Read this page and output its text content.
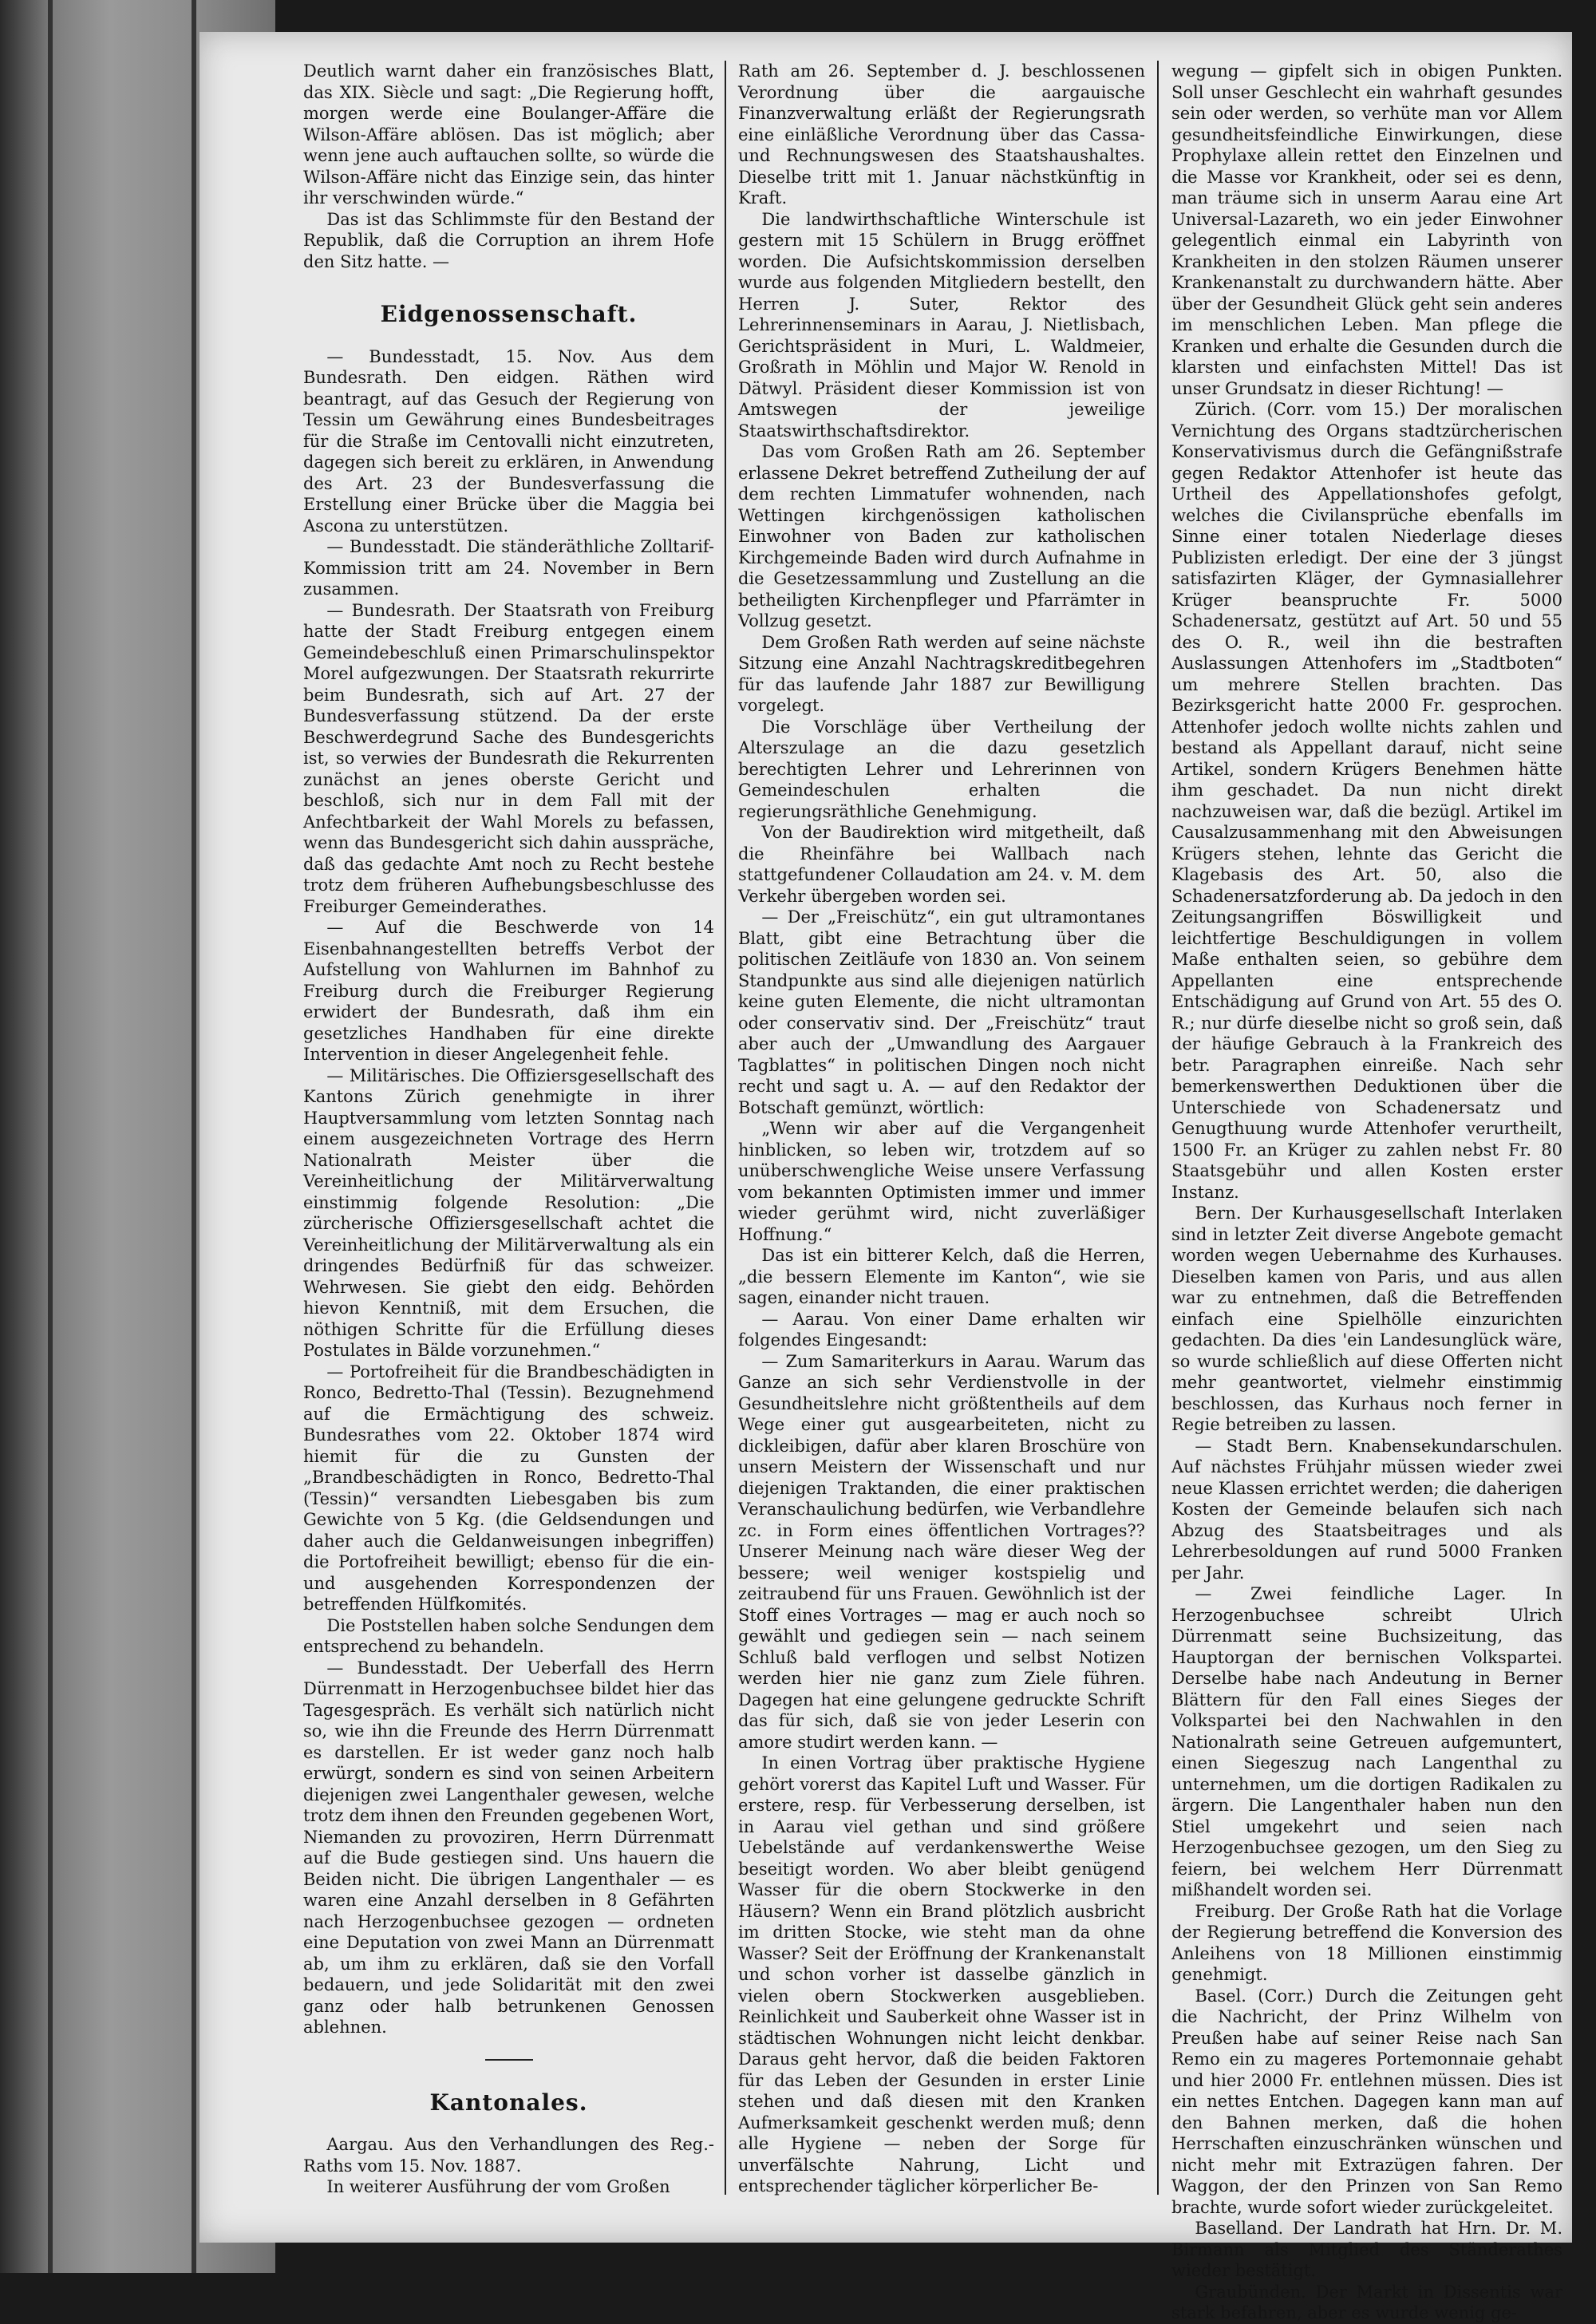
Deutlich warnt daher ein französisches Blatt, das XIX. Siècle und sagt: „Die Regierung hofft, morgen werde eine Boulanger-Affäre die Wilson-Affäre ablösen. Das ist möglich; aber wenn jene auch auftauchen sollte, so würde die Wilson-Affäre nicht das Einzige sein, das hinter ihr verschwinden würde.“

Das ist das Schlimmste für den Bestand der Republik, daß die Corruption an ihrem Hofe den Sitz hatte. —

Eidgenossenschaft.

— Bundesstadt, 15. Nov. Aus dem Bundesrath. Den eidgen. Räthen wird beantragt, auf das Gesuch der Regierung von Tessin um Gewährung eines Bundesbeitrages für die Straße im Centovalli nicht einzutreten, dagegen sich bereit zu erklären, in Anwendung des Art. 23 der Bundesverfassung die Erstellung einer Brücke über die Maggia bei Ascona zu unterstützen.

— Bundesstadt. Die ständeräthliche Zolltarif-Kommission tritt am 24. November in Bern zusammen.

— Bundesrath. Der Staatsrath von Freiburg hatte der Stadt Freiburg entgegen einem Gemeindebeschluß einen Primarschulinspektor Morel aufgezwungen. Der Staatsrath rekurrirte beim Bundesrath, sich auf Art. 27 der Bundesverfassung stützend. Da der erste Beschwerdegrund Sache des Bundesgerichts ist, so verwies der Bundesrath die Rekurrenten zunächst an jenes oberste Gericht und beschloß, sich nur in dem Fall mit der Anfechtbarkeit der Wahl Morels zu befassen, wenn das Bundesgericht sich dahin ausspräche, daß das gedachte Amt noch zu Recht bestehe trotz dem früheren Aufhebungsbeschlusse des Freiburger Gemeinderathes.

— Auf die Beschwerde von 14 Eisenbahnangestellten betreffs Verbot der Aufstellung von Wahlurnen im Bahnhof zu Freiburg durch die Freiburger Regierung erwidert der Bundesrath, daß ihm ein gesetzliches Handhaben für eine direkte Intervention in dieser Angelegenheit fehle.

— Militärisches. Die Offiziersgesellschaft des Kantons Zürich genehmigte in ihrer Hauptversammlung vom letzten Sonntag nach einem ausgezeichneten Vortrage des Herrn Nationalrath Meister über die Vereinheitlichung der Militärverwaltung einstimmig folgende Resolution: „Die zürcherische Offiziersgesellschaft achtet die Vereinheitlichung der Militärverwaltung als ein dringendes Bedürfniß für das schweizer. Wehrwesen. Sie giebt den eidg. Behörden hievon Kenntniß, mit dem Ersuchen, die nöthigen Schritte für die Erfüllung dieses Postulates in Bälde vorzunehmen.“

— Portofreiheit für die Brandbeschädigten in Ronco, Bedretto-Thal (Tessin). Bezugnehmend auf die Ermächtigung des schweiz. Bundesrathes vom 22. Oktober 1874 wird hiemit für die zu Gunsten der „Brandbeschädigten in Ronco, Bedretto-Thal (Tessin)“ versandten Liebesgaben bis zum Gewichte von 5 Kg. (die Geldsendungen und daher auch die Geldanweisungen inbegriffen) die Portofreiheit bewilligt; ebenso für die ein- und ausgehenden Korrespondenzen der betreffenden Hülfkomités.

Die Poststellen haben solche Sendungen dem entsprechend zu behandeln.

— Bundesstadt. Der Ueberfall des Herrn Dürrenmatt in Herzogenbuchsee bildet hier das Tagesgespräch. Es verhält sich natürlich nicht so, wie ihn die Freunde des Herrn Dürrenmatt es darstellen. Er ist weder ganz noch halb erwürgt, sondern es sind von seinen Arbeitern diejenigen zwei Langenthaler gewesen, welche trotz dem ihnen den Freunden gegebenen Wort, Niemanden zu provoziren, Herrn Dürrenmatt auf die Bude gestiegen sind. Uns hauern die Beiden nicht. Die übrigen Langenthaler — es waren eine Anzahl derselben in 8 Gefährten nach Herzogenbuchsee gezogen — ordneten eine Deputation von zwei Mann an Dürrenmatt ab, um ihm zu erklären, daß sie den Vorfall bedauern, und jede Solidarität mit den zwei ganz oder halb betrunkenen Genossen ablehnen.

Kantonales.

Aargau. Aus den Verhandlungen des Reg.-Raths vom 15. Nov. 1887.

In weiterer Ausführung der vom Großen

Rath am 26. September d. J. beschlossenen Verordnung über die aargauische Finanzverwaltung erläßt der Regierungsrath eine einläßliche Verordnung über das Cassa- und Rechnungswesen des Staatshaushaltes. Dieselbe tritt mit 1. Januar nächstkünftig in Kraft.

Die landwirthschaftliche Winterschule ist gestern mit 15 Schülern in Brugg eröffnet worden. Die Aufsichtskommission derselben wurde aus folgenden Mitgliedern bestellt, den Herren J. Suter, Rektor des Lehrerinnenseminars in Aarau, J. Nietlisbach, Gerichtspräsident in Muri, L. Waldmeier, Großrath in Möhlin und Major W. Renold in Dätwyl. Präsident dieser Kommission ist von Amtswegen der jeweilige Staatswirthschaftsdirektor.

Das vom Großen Rath am 26. September erlassene Dekret betreffend Zutheilung der auf dem rechten Limmatufer wohnenden, nach Wettingen kirchgenössigen katholischen Einwohner von Baden zur katholischen Kirchgemeinde Baden wird durch Aufnahme in die Gesetzessammlung und Zustellung an die betheiligten Kirchenpfleger und Pfarrämter in Vollzug gesetzt.

Dem Großen Rath werden auf seine nächste Sitzung eine Anzahl Nachtragskreditbegehren für das laufende Jahr 1887 zur Bewilligung vorgelegt.

Die Vorschläge über Vertheilung der Alterszulage an die dazu gesetzlich berechtigten Lehrer und Lehrerinnen von Gemeindeschulen erhalten die regierungsräthliche Genehmigung.

Von der Baudirektion wird mitgetheilt, daß die Rheinfähre bei Wallbach nach stattgefundener Collaudation am 24. v. M. dem Verkehr übergeben worden sei.

— Der „Freischütz“, ein gut ultramontanes Blatt, gibt eine Betrachtung über die politischen Zeitläufe von 1830 an. Von seinem Standpunkte aus sind alle diejenigen natürlich keine guten Elemente, die nicht ultramontan oder conservativ sind. Der „Freischütz“ traut aber auch der „Umwandlung des Aargauer Tagblattes“ in politischen Dingen noch nicht recht und sagt u. A. — auf den Redaktor der Botschaft gemünzt, wörtlich:

„Wenn wir aber auf die Vergangenheit hinblicken, so leben wir, trotzdem auf so unüberschwengliche Weise unsere Verfassung vom bekannten Optimisten immer und immer wieder gerühmt wird, nicht zuverläßiger Hoffnung.“

Das ist ein bitterer Kelch, daß die Herren, „die bessern Elemente im Kanton“, wie sie sagen, einander nicht trauen.

— Aarau. Von einer Dame erhalten wir folgendes Eingesandt:

— Zum Samariterkurs in Aarau. Warum das Ganze an sich sehr Verdienstvolle in der Gesundheitslehre nicht größtentheils auf dem Wege einer gut ausgearbeiteten, nicht zu dickleibigen, dafür aber klaren Broschüre von unsern Meistern der Wissenschaft und nur diejenigen Traktanden, die einer praktischen Veranschaulichung bedürfen, wie Verbandlehre zc. in Form eines öffentlichen Vortrages?? Unserer Meinung nach wäre dieser Weg der bessere; weil weniger kostspielig und zeitraubend für uns Frauen. Gewöhnlich ist der Stoff eines Vortrages — mag er auch noch so gewählt und gediegen sein — nach seinem Schluß bald verflogen und selbst Notizen werden hier nie ganz zum Ziele führen. Dagegen hat eine gelungene gedruckte Schrift das für sich, daß sie von jeder Leserin con amore studirt werden kann. —

In einen Vortrag über praktische Hygiene gehört vorerst das Kapitel Luft und Wasser. Für erstere, resp. für Verbesserung derselben, ist in Aarau viel gethan und sind größere Uebelstände auf verdankenswerthe Weise beseitigt worden. Wo aber bleibt genügend Wasser für die obern Stockwerke in den Häusern? Wenn ein Brand plötzlich ausbricht im dritten Stocke, wie steht man da ohne Wasser? Seit der Eröffnung der Krankenanstalt und schon vorher ist dasselbe gänzlich in vielen obern Stockwerken ausgeblieben. Reinlichkeit und Sauberkeit ohne Wasser ist in städtischen Wohnungen nicht leicht denkbar. Daraus geht hervor, daß die beiden Faktoren für das Leben der Gesunden in erster Linie stehen und daß diesen mit den Kranken Aufmerksamkeit geschenkt werden muß; denn alle Hygiene — neben der Sorge für unverfälschte Nahrung, Licht und entsprechender täglicher körperlicher Be-

wegung — gipfelt sich in obigen Punkten. Soll unser Geschlecht ein wahrhaft gesundes sein oder werden, so verhüte man vor Allem gesundheitsfeindliche Einwirkungen, diese Prophylaxe allein rettet den Einzelnen und die Masse vor Krankheit, oder sei es denn, man träume sich in unserm Aarau eine Art Universal-Lazareth, wo ein jeder Einwohner gelegentlich einmal ein Labyrinth von Krankheiten in den stolzen Räumen unserer Krankenanstalt zu durchwandern hätte. Aber über der Gesundheit Glück geht sein anderes im menschlichen Leben. Man pflege die Kranken und erhalte die Gesunden durch die klarsten und einfachsten Mittel! Das ist unser Grundsatz in dieser Richtung! —

Zürich. (Corr. vom 15.) Der moralischen Vernichtung des Organs stadtzürcherischen Konservativismus durch die Gefängnißstrafe gegen Redaktor Attenhofer ist heute das Urtheil des Appellationshofes gefolgt, welches die Civilansprüche ebenfalls im Sinne einer totalen Niederlage dieses Publizisten erledigt. Der eine der 3 jüngst satisfazirten Kläger, der Gymnasiallehrer Krüger beanspruchte Fr. 5000 Schadenersatz, gestützt auf Art. 50 und 55 des O. R., weil ihn die bestraften Auslassungen Attenhofers im „Stadtboten“ um mehrere Stellen brachten. Das Bezirksgericht hatte 2000 Fr. gesprochen. Attenhofer jedoch wollte nichts zahlen und bestand als Appellant darauf, nicht seine Artikel, sondern Krügers Benehmen hätte ihm geschadet. Da nun nicht direkt nachzuweisen war, daß die bezügl. Artikel im Causalzusammenhang mit den Abweisungen Krügers stehen, lehnte das Gericht die Klagebasis des Art. 50, also die Schadenersatzforderung ab. Da jedoch in den Zeitungsangriffen Böswilligkeit und leichtfertige Beschuldigungen in vollem Maße enthalten seien, so gebühre dem Appellanten eine entsprechende Entschädigung auf Grund von Art. 55 des O. R.; nur dürfe dieselbe nicht so groß sein, daß der häufige Gebrauch à la Frankreich des betr. Paragraphen einreiße. Nach sehr bemerkenswerthen Deduktionen über die Unterschiede von Schadenersatz und Genugthuung wurde Attenhofer verurtheilt, 1500 Fr. an Krüger zu zahlen nebst Fr. 80 Staatsgebühr und allen Kosten erster Instanz.

Bern. Der Kurhausgesellschaft Interlaken sind in letzter Zeit diverse Angebote gemacht worden wegen Uebernahme des Kurhauses. Dieselben kamen von Paris, und aus allen war zu entnehmen, daß die Betreffenden einfach eine Spielhölle einzurichten gedachten. Da dies 'ein Landesunglück wäre, so wurde schließlich auf diese Offerten nicht mehr geantwortet, vielmehr einstimmig beschlossen, das Kurhaus noch ferner in Regie betreiben zu lassen.

— Stadt Bern. Knabensekundarschulen. Auf nächstes Frühjahr müssen wieder zwei neue Klassen errichtet werden; die daherigen Kosten der Gemeinde belaufen sich nach Abzug des Staatsbeitrages und als Lehrerbesoldungen auf rund 5000 Franken per Jahr.

— Zwei feindliche Lager. In Herzogenbuchsee schreibt Ulrich Dürrenmatt seine Buchsizeitung, das Hauptorgan der bernischen Volkspartei. Derselbe habe nach Andeutung in Berner Blättern für den Fall eines Sieges der Volkspartei bei den Nachwahlen in den Nationalrath seine Getreuen aufgemuntert, einen Siegeszug nach Langenthal zu unternehmen, um die dortigen Radikalen zu ärgern. Die Langenthaler haben nun den Stiel umgekehrt und seien nach Herzogenbuchsee gezogen, um den Sieg zu feiern, bei welchem Herr Dürrenmatt mißhandelt worden sei.

Freiburg. Der Große Rath hat die Vorlage der Regierung betreffend die Konversion des Anleihens von 18 Millionen einstimmig genehmigt.

Basel. (Corr.) Durch die Zeitungen geht die Nachricht, der Prinz Wilhelm von Preußen habe auf seiner Reise nach San Remo ein zu mageres Portemonnaie gehabt und hier 2000 Fr. entlehnen müssen. Dies ist ein nettes Entchen. Dagegen kann man auf den Bahnen merken, daß die hohen Herrschaften einzuschränken wünschen und nicht mehr mit Extrazügen fahren. Der Waggon, der den Prinzen von San Remo brachte, wurde sofort wieder zurückgeleitet.

Baselland. Der Landrath hat Hrn. Dr. M. Birmann als Mitglied des Ständerathes wieder bestätigt.

Graubünden. Der Markt in Dissentis war stark befahren, aber es wurde wenig ge-
